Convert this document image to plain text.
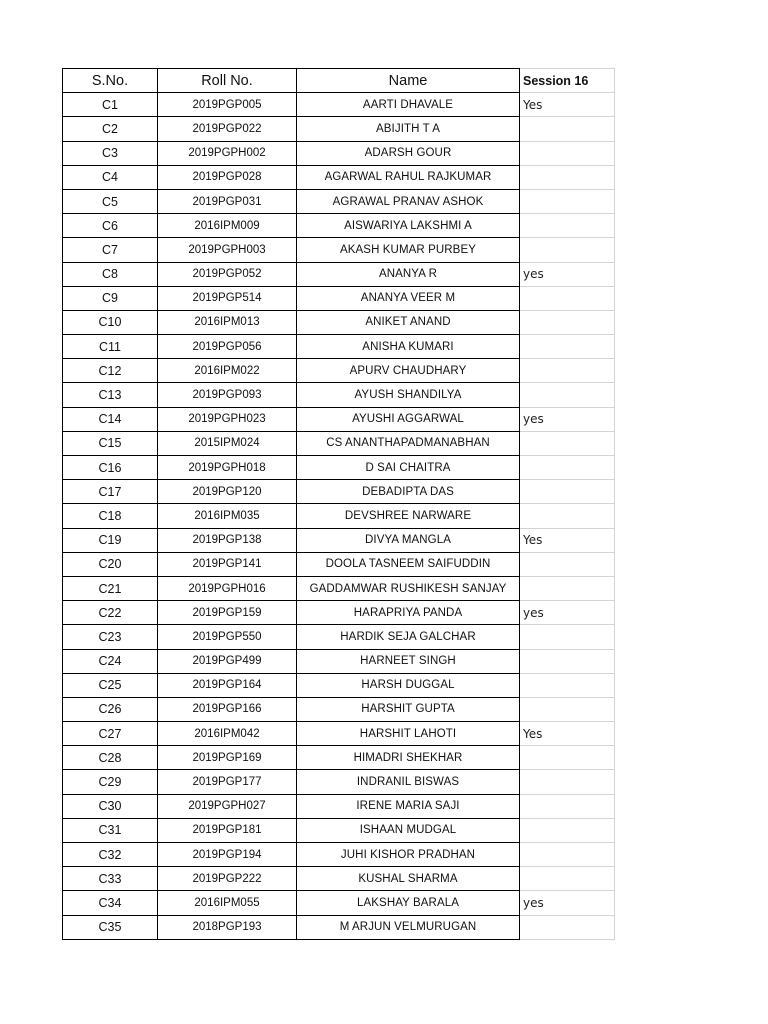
S.No.	Roll No.	Name	Session 16
C1	2019PGP005	AARTI DHAVALE	Yes
C2	2019PGP022	ABIJITH T A	
C3	2019PGPH002	ADARSH GOUR	
C4	2019PGP028	AGARWAL RAHUL RAJKUMAR	
C5	2019PGP031	AGRAWAL PRANAV ASHOK	
C6	2016IPM009	AISWARIYA LAKSHMI A	
C7	2019PGPH003	AKASH KUMAR PURBEY	
C8	2019PGP052	ANANYA R	yes
C9	2019PGP514	ANANYA VEER M	
C10	2016IPM013	ANIKET ANAND	
C11	2019PGP056	ANISHA KUMARI	
C12	2016IPM022	APURV CHAUDHARY	
C13	2019PGP093	AYUSH SHANDILYA	
C14	2019PGPH023	AYUSHI AGGARWAL	yes
C15	2015IPM024	CS ANANTHAPADMANABHAN	
C16	2019PGPH018	D SAI CHAITRA	
C17	2019PGP120	DEBADIPTA DAS	
C18	2016IPM035	DEVSHREE NARWARE	
C19	2019PGP138	DIVYA MANGLA	Yes
C20	2019PGP141	DOOLA TASNEEM SAIFUDDIN	
C21	2019PGPH016	GADDAMWAR RUSHIKESH SANJAY	
C22	2019PGP159	HARAPRIYA PANDA	yes
C23	2019PGP550	HARDIK SEJA GALCHAR	
C24	2019PGP499	HARNEET SINGH	
C25	2019PGP164	HARSH DUGGAL	
C26	2019PGP166	HARSHIT GUPTA	
C27	2016IPM042	HARSHIT LAHOTI	Yes
C28	2019PGP169	HIMADRI SHEKHAR	
C29	2019PGP177	INDRANIL BISWAS	
C30	2019PGPH027	IRENE MARIA SAJI	
C31	2019PGP181	ISHAAN MUDGAL	
C32	2019PGP194	JUHI KISHOR PRADHAN	
C33	2019PGP222	KUSHAL SHARMA	
C34	2016IPM055	LAKSHAY BARALA	yes
C35	2018PGP193	M ARJUN VELMURUGAN	
